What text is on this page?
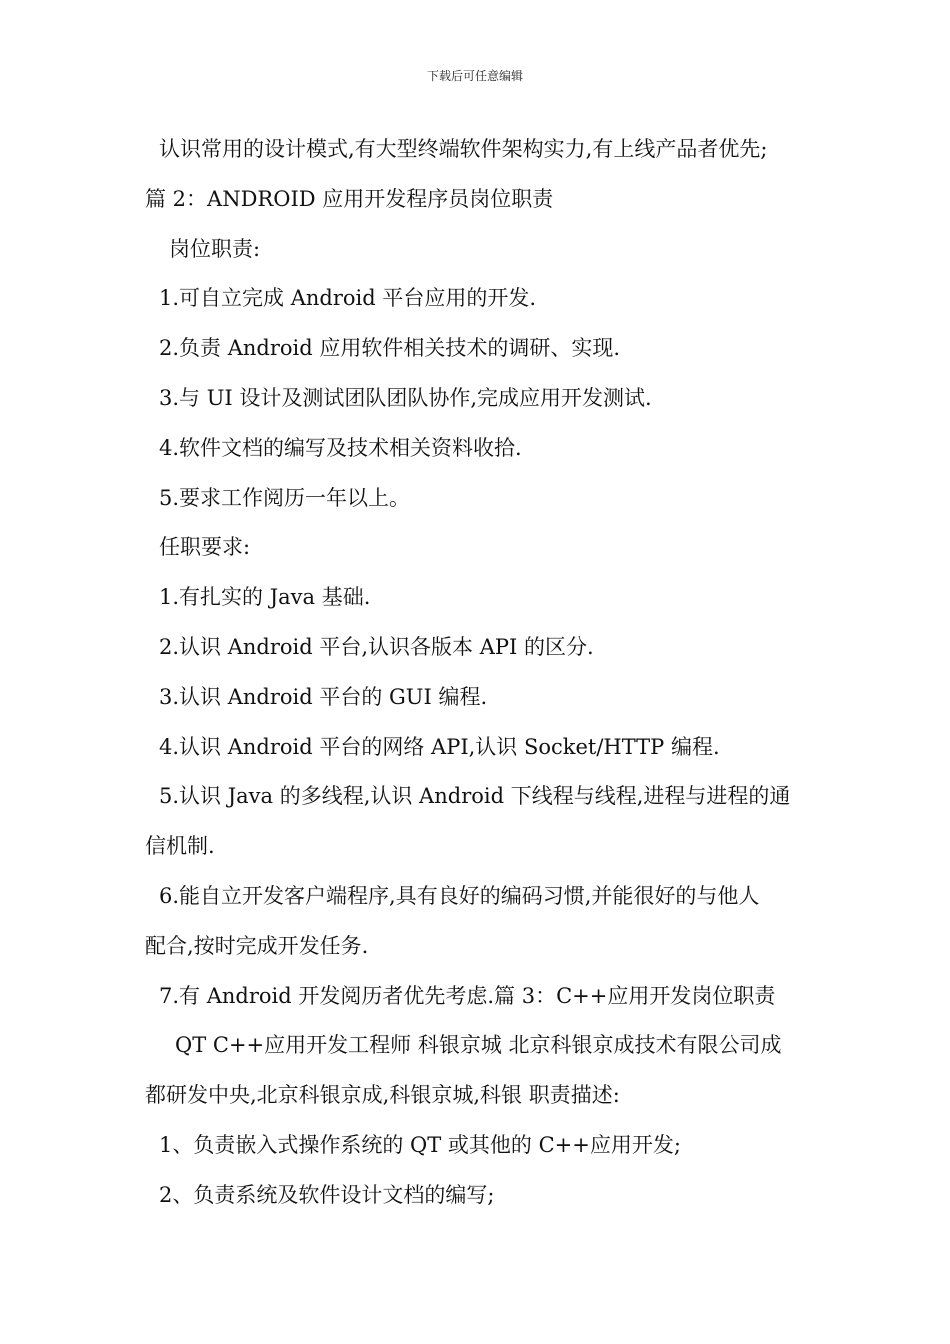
下载后可任意编辑
认识常用的设计模式,有大型终端软件架构实力,有上线产品者优先;
篇 2：ANDROID 应用开发程序员岗位职责
岗位职责:
1.可自立完成 Android 平台应用的开发.
2.负责 Android 应用软件相关技术的调研、实现.
3.与 UI 设计及测试团队团队协作,完成应用开发测试.
4.软件文档的编写及技术相关资料收拾.
5.要求工作阅历一年以上。
任职要求:
1.有扎实的 Java 基础.
2.认识 Android 平台,认识各版本 API 的区分.
3.认识 Android 平台的 GUI 编程.
4.认识 Android 平台的网络 API,认识 Socket/HTTP 编程.
5.认识 Java 的多线程,认识 Android 下线程与线程,进程与进程的通
信机制.
6.能自立开发客户端程序,具有良好的编码习惯,并能很好的与他人
配合,按时完成开发任务.
7.有 Android 开发阅历者优先考虑.篇 3：C++应用开发岗位职责
QT C++应用开发工程师 科银京城 北京科银京成技术有限公司成
都研发中央,北京科银京成,科银京城,科银 职责描述:
1、负责嵌入式操作系统的 QT 或其他的 C++应用开发;
2、负责系统及软件设计文档的编写;
